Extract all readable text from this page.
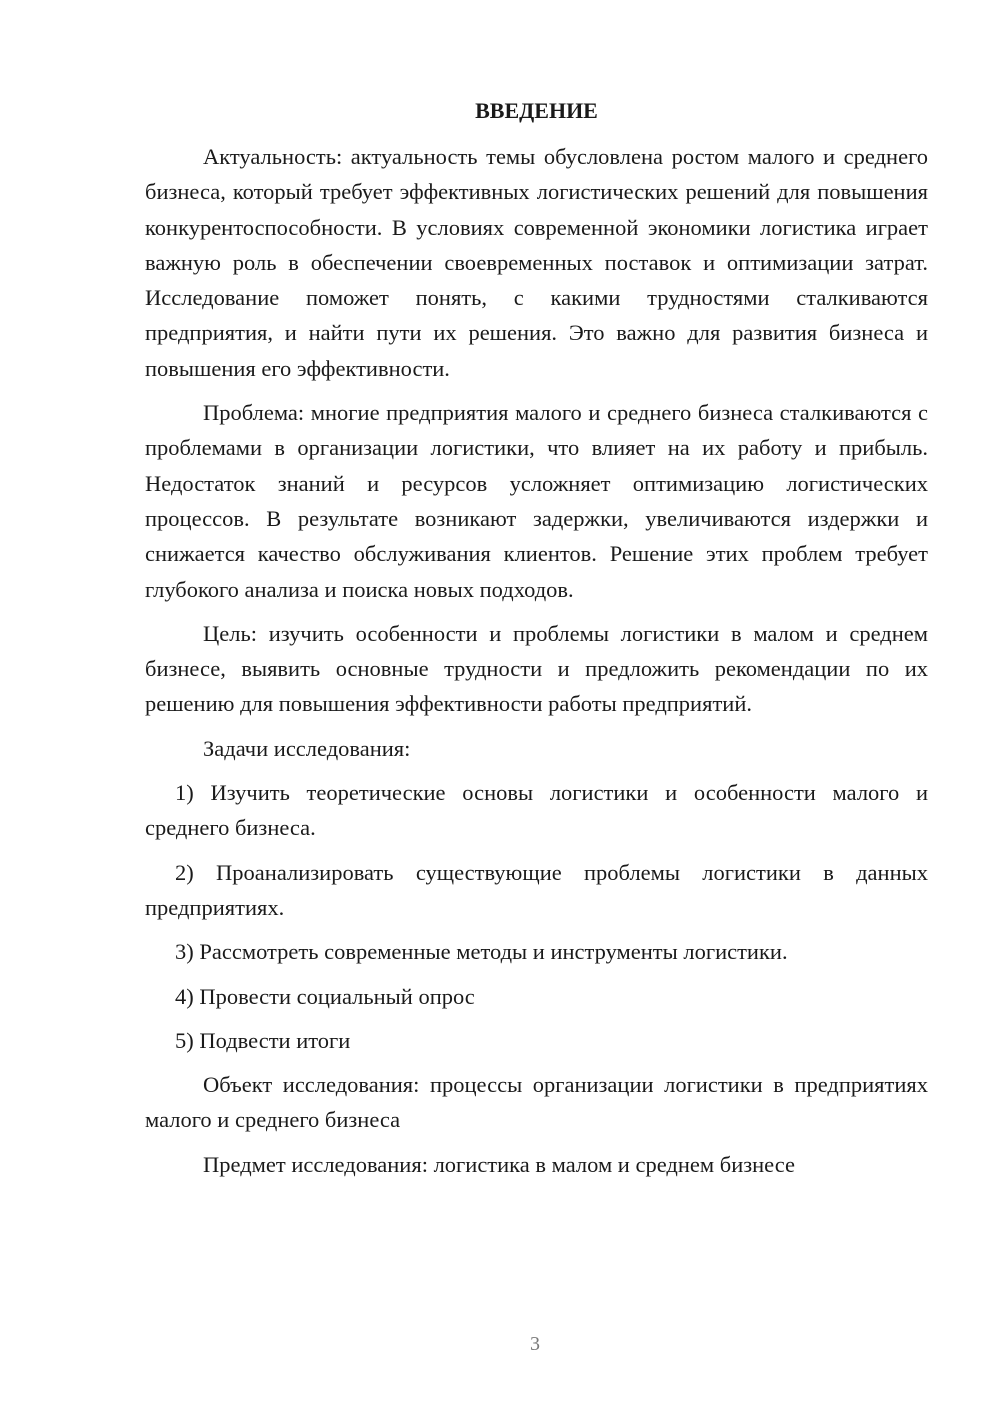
ВВЕДЕНИЕ

Актуальность: актуальность темы обусловлена ростом малого и среднего бизнеса, который требует эффективных логистических решений для повышения конкурентоспособности. В условиях современной экономики логистика играет важную роль в обеспечении своевременных поставок и оптимизации затрат. Исследование поможет понять, с какими трудностями сталкиваются предприятия, и найти пути их решения. Это важно для развития бизнеса и повышения его эффективности.

Проблема: многие предприятия малого и среднего бизнеса сталкиваются с проблемами в организации логистики, что влияет на их работу и прибыль. Недостаток знаний и ресурсов усложняет оптимизацию логистических процессов. В результате возникают задержки, увеличиваются издержки и снижается качество обслуживания клиентов. Решение этих проблем требует глубокого анализа и поиска новых подходов.

Цель: изучить особенности и проблемы логистики в малом и среднем бизнесе, выявить основные трудности и предложить рекомендации по их решению для повышения эффективности работы предприятий.

Задачи исследования:

1) Изучить теоретические основы логистики и особенности малого и среднего бизнеса.

2) Проанализировать существующие проблемы логистики в данных предприятиях.

3) Рассмотреть современные методы и инструменты логистики.

4) Провести социальный опрос

5) Подвести итоги

Объект исследования: процессы организации логистики в предприятиях малого и среднего бизнеса

Предмет исследования: логистика в малом и среднем бизнесе

3
